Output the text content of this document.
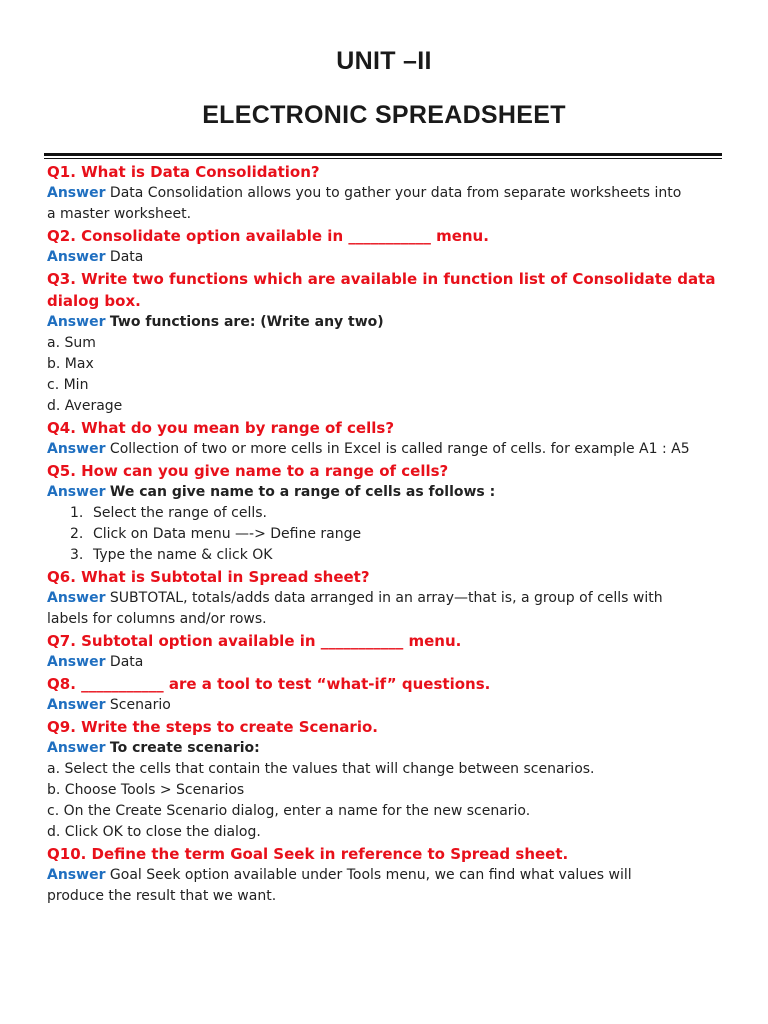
UNIT –II
ELECTRONIC SPREADSHEET

Q1. What is Data Consolidation?

Answer Data Consolidation allows you to gather your data from separate worksheets into

a master worksheet.

Q2. Consolidate option available in ___________ menu.

Answer Data

Q3. Write two functions which are available in function list of Consolidate data

dialog box.

Answer Two functions are: (Write any two)

a. Sum

b. Max

c. Min

d. Average

Q4. What do you mean by range of cells?

Answer Collection of two or more cells in Excel is called range of cells. for example A1 : A5

Q5. How can you give name to a range of cells?

Answer We can give name to a range of cells as follows :

1. Select the range of cells.

2. Click on Data menu —-> Define range

3. Type the name & click OK

Q6. What is Subtotal in Spread sheet?

Answer SUBTOTAL, totals/adds data arranged in an array—that is, a group of cells with

labels for columns and/or rows.

Q7. Subtotal option available in ___________ menu.

Answer Data

Q8. ___________ are a tool to test “what-if” questions.

Answer Scenario

Q9. Write the steps to create Scenario.

Answer To create scenario:

a. Select the cells that contain the values that will change between scenarios.

b. Choose Tools > Scenarios

c. On the Create Scenario dialog, enter a name for the new scenario.

d. Click OK to close the dialog.

Q10. Define the term Goal Seek in reference to Spread sheet.

Answer Goal Seek option available under Tools menu, we can find what values will

produce the result that we want.
